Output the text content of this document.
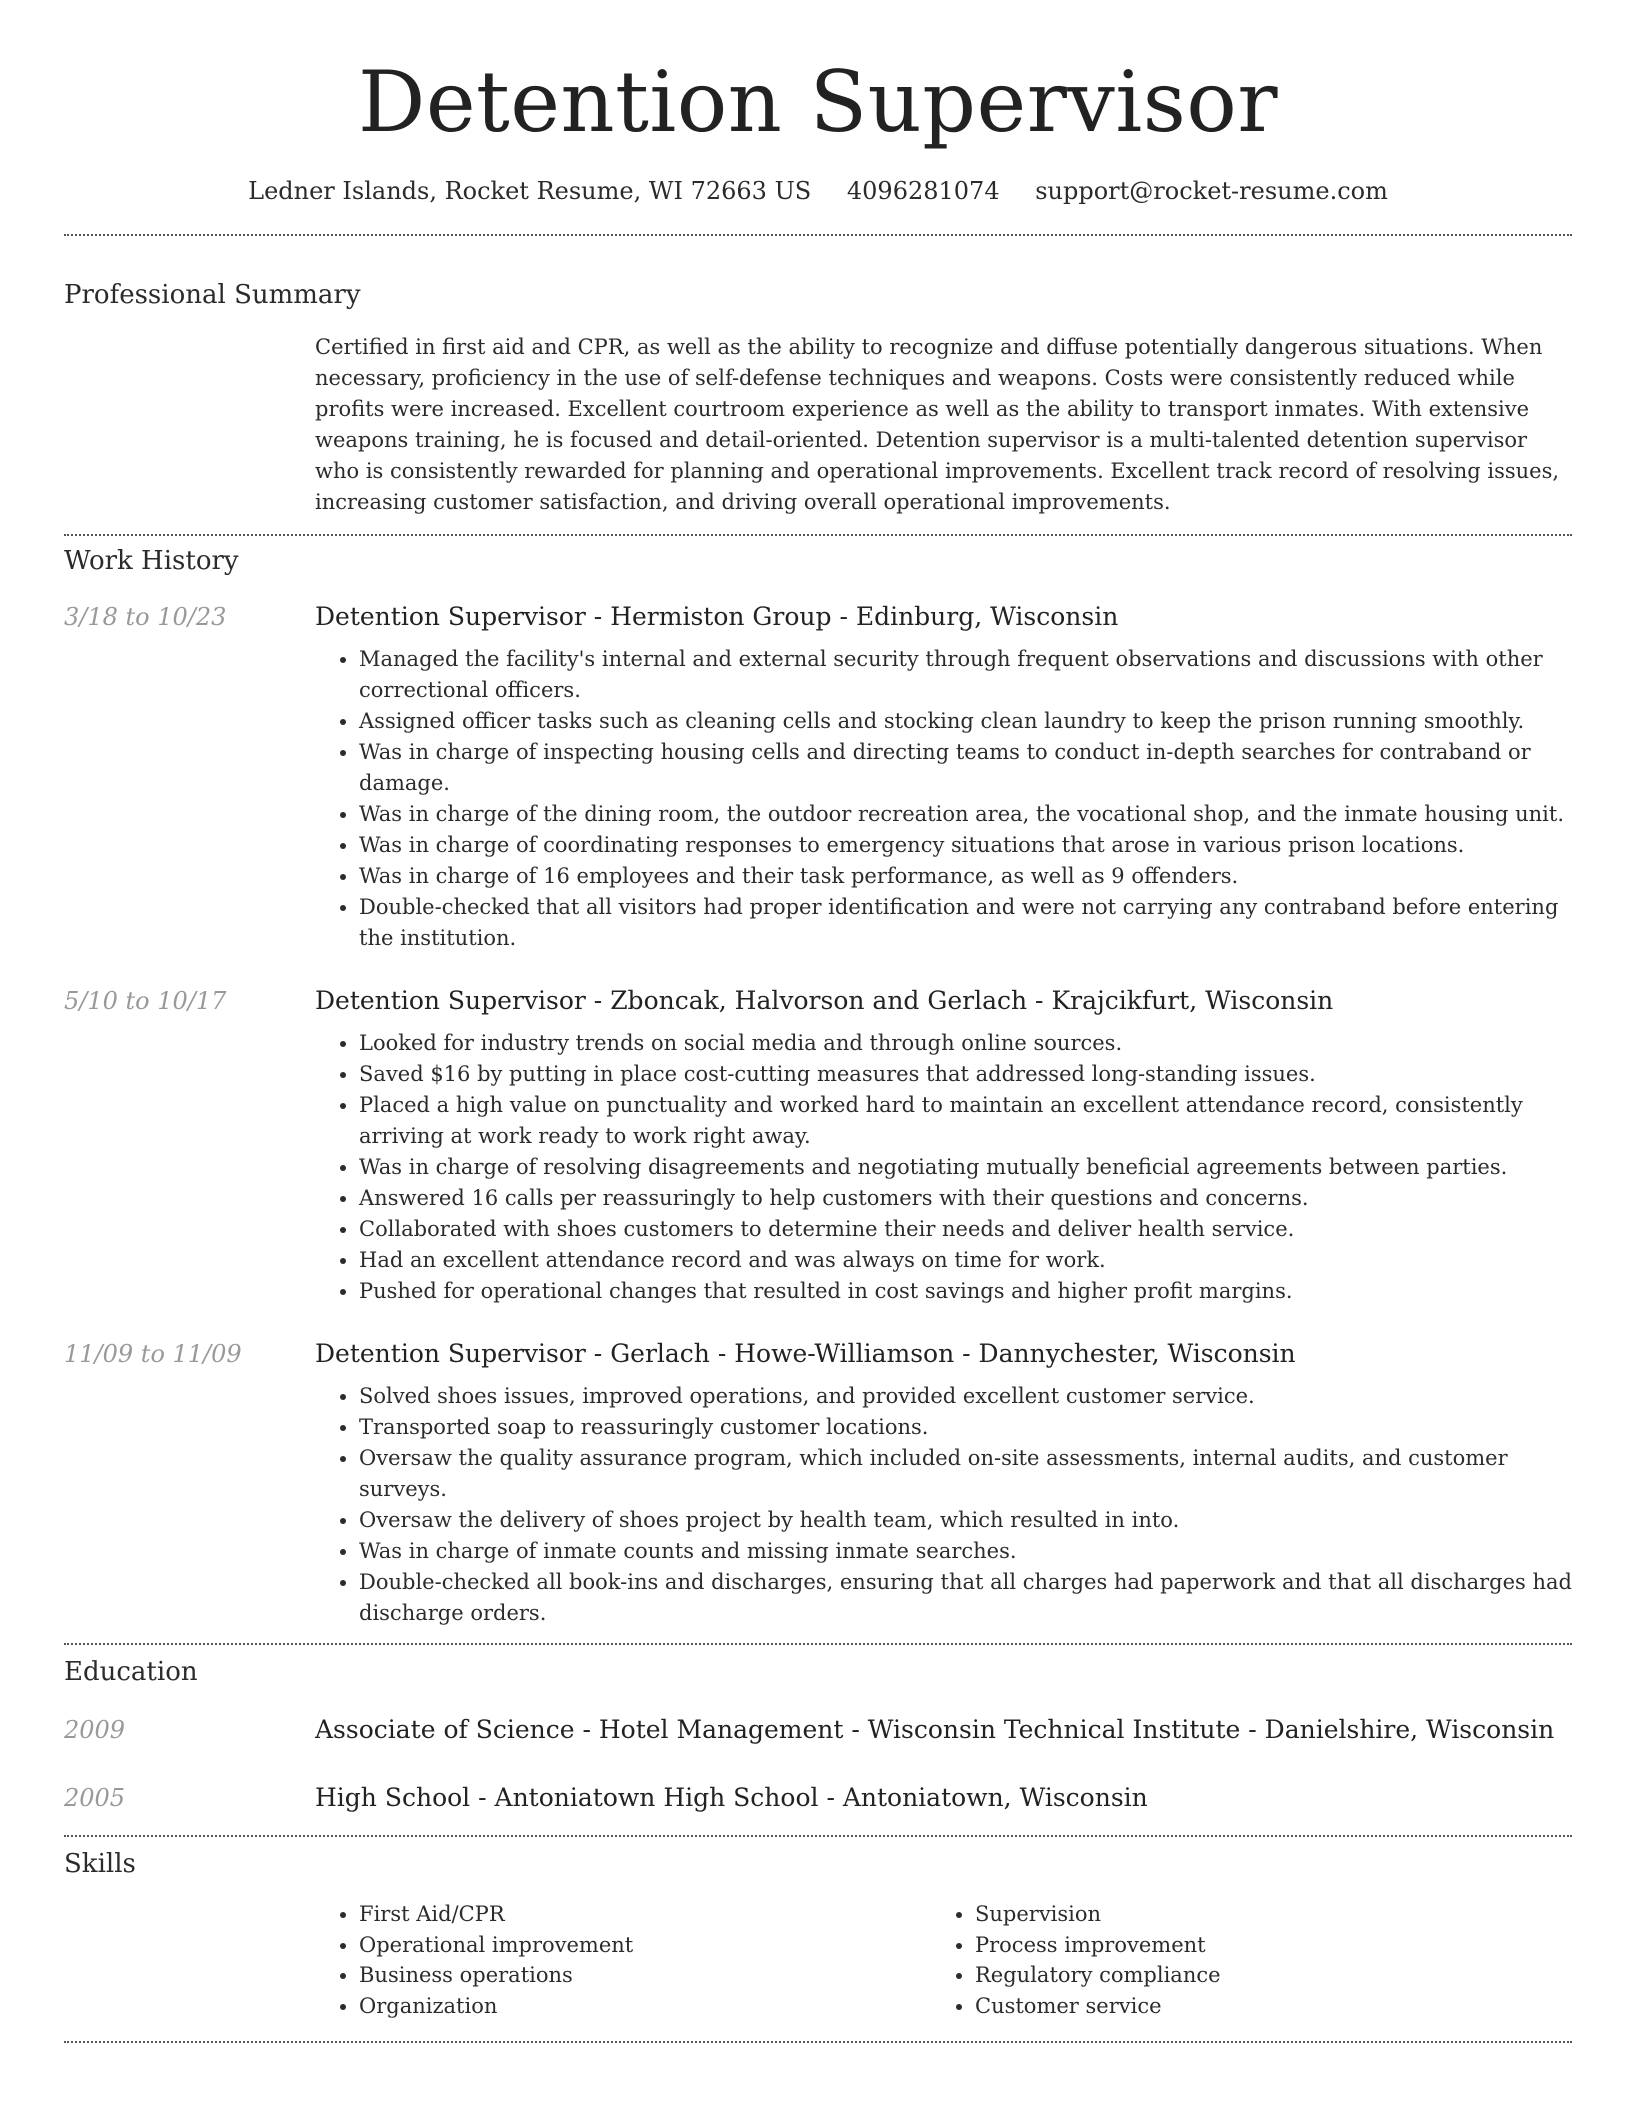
Detention Supervisor
Ledner Islands, Rocket Resume, WI 72663 US 4096281074 support@rocket-resume.com
Professional Summary
Certified in first aid and CPR, as well as the ability to recognize and diffuse potentially dangerous situations. When necessary, proficiency in the use of self-defense techniques and weapons. Costs were consistently reduced while profits were increased. Excellent courtroom experience as well as the ability to transport inmates. With extensive weapons training, he is focused and detail-oriented. Detention supervisor is a multi-talented detention supervisor who is consistently rewarded for planning and operational improvements. Excellent track record of resolving issues, increasing customer satisfaction, and driving overall operational improvements.
Work History
3/18 to 10/23	Detention Supervisor - Hermiston Group - Edinburg, Wisconsin
• Managed the facility's internal and external security through frequent observations and discussions with other correctional officers.
• Assigned officer tasks such as cleaning cells and stocking clean laundry to keep the prison running smoothly.
• Was in charge of inspecting housing cells and directing teams to conduct in-depth searches for contraband or damage.
• Was in charge of the dining room, the outdoor recreation area, the vocational shop, and the inmate housing unit.
• Was in charge of coordinating responses to emergency situations that arose in various prison locations.
• Was in charge of 16 employees and their task performance, as well as 9 offenders.
• Double-checked that all visitors had proper identification and were not carrying any contraband before entering the institution.
5/10 to 10/17	Detention Supervisor - Zboncak, Halvorson and Gerlach - Krajcikfurt, Wisconsin
• Looked for industry trends on social media and through online sources.
• Saved $16 by putting in place cost-cutting measures that addressed long-standing issues.
• Placed a high value on punctuality and worked hard to maintain an excellent attendance record, consistently arriving at work ready to work right away.
• Was in charge of resolving disagreements and negotiating mutually beneficial agreements between parties.
• Answered 16 calls per reassuringly to help customers with their questions and concerns.
• Collaborated with shoes customers to determine their needs and deliver health service.
• Had an excellent attendance record and was always on time for work.
• Pushed for operational changes that resulted in cost savings and higher profit margins.
11/09 to 11/09	Detention Supervisor - Gerlach - Howe-Williamson - Dannychester, Wisconsin
• Solved shoes issues, improved operations, and provided excellent customer service.
• Transported soap to reassuringly customer locations.
• Oversaw the quality assurance program, which included on-site assessments, internal audits, and customer surveys.
• Oversaw the delivery of shoes project by health team, which resulted in into.
• Was in charge of inmate counts and missing inmate searches.
• Double-checked all book-ins and discharges, ensuring that all charges had paperwork and that all discharges had discharge orders.
Education
2009	Associate of Science - Hotel Management - Wisconsin Technical Institute - Danielshire, Wisconsin
2005	High School - Antoniatown High School - Antoniatown, Wisconsin
Skills
• First Aid/CPR
• Operational improvement
• Business operations
• Organization
• Supervision
• Process improvement
• Regulatory compliance
• Customer service
